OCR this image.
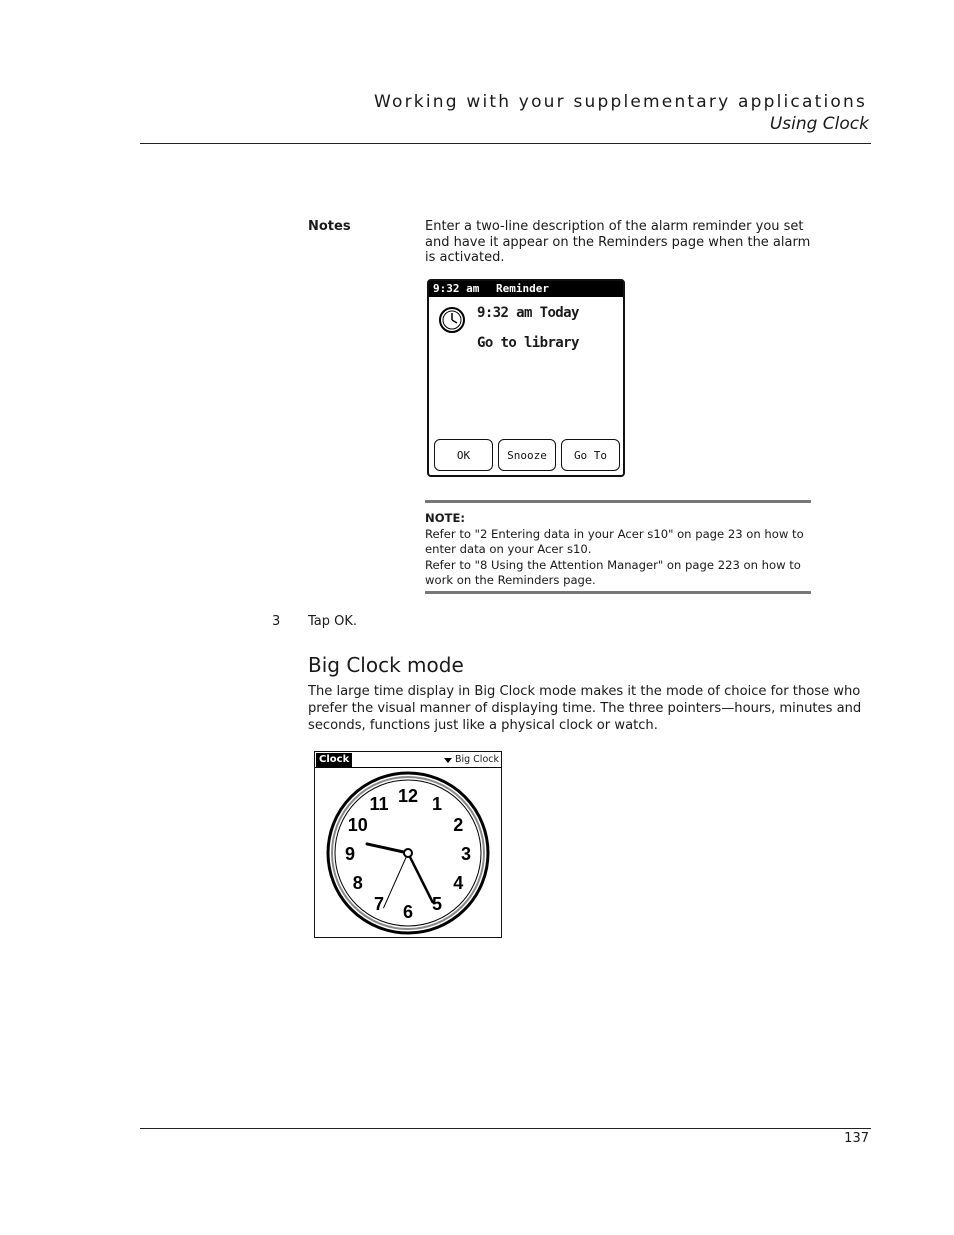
Working with your supplementary applications
Using Clock
Notes	Enter a two-line description of the alarm reminder you set and have it appear on the Reminders page when the alarm is activated.
9:32 am Reminder
9:32 am Today
Go to library
OK	Snooze	Go To
NOTE:
Refer to "2 Entering data in your Acer s10" on page 23 on how to enter data on your Acer s10.
Refer to "8 Using the Attention Manager" on page 223 on how to work on the Reminders page.
3 Tap OK.
Big Clock mode
The large time display in Big Clock mode makes it the mode of choice for those who prefer the visual manner of displaying time. The three pointers—hours, minutes and seconds, functions just like a physical clock or watch.
Clock	Big Clock
12 1
2
3
4
5
6
7
8
9
10
11
137
